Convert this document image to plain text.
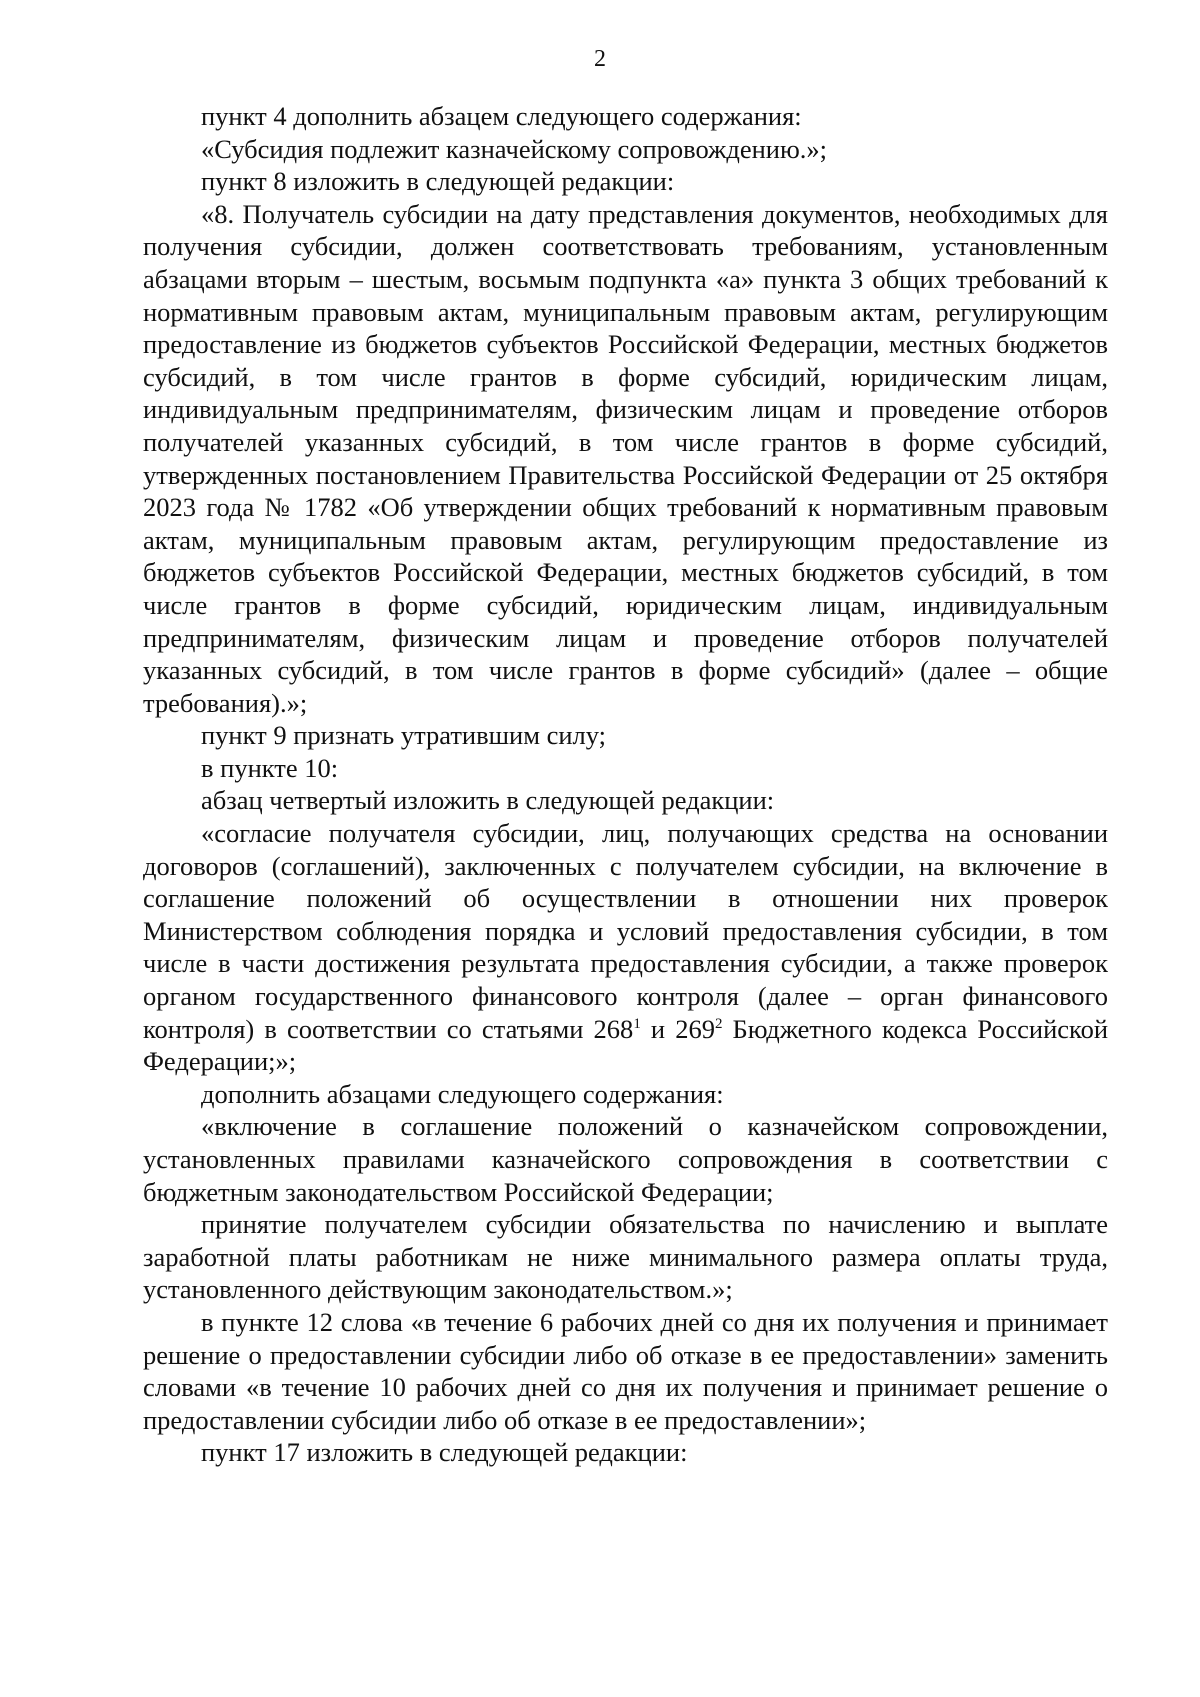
2

пункт 4 дополнить абзацем следующего содержания:

«Субсидия подлежит казначейскому сопровождению.»;

пункт 8 изложить в следующей редакции:

«8. Получатель субсидии на дату представления документов, необходимых для получения субсидии, должен соответствовать требованиям, установленным абзацами вторым – шестым, восьмым подпункта «а» пункта 3 общих требований к нормативным правовым актам, муниципальным правовым актам, регулирующим предоставление из бюджетов субъектов Российской Федерации, местных бюджетов субсидий, в том числе грантов в форме субсидий, юридическим лицам, индивидуальным предпринимателям, физическим лицам и проведение отборов получателей указанных субсидий, в том числе грантов в форме субсидий, утвержденных постановлением Правительства Российской Федерации от 25 октября 2023 года № 1782 «Об утверждении общих требований к нормативным правовым актам, муниципальным правовым актам, регулирующим предоставление из бюджетов субъектов Российской Федерации, местных бюджетов субсидий, в том числе грантов в форме субсидий, юридическим лицам, индивидуальным предпринимателям, физическим лицам и проведение отборов получателей указанных субсидий, в том числе грантов в форме субсидий» (далее – общие требования).»;

пункт 9 признать утратившим силу;

в пункте 10:

абзац четвертый изложить в следующей редакции:

«согласие получателя субсидии, лиц, получающих средства на основании договоров (соглашений), заключенных с получателем субсидии, на включение в соглашение положений об осуществлении в отношении них проверок Министерством соблюдения порядка и условий предоставления субсидии, в том числе в части достижения результата предоставления субсидии, а также проверок органом государственного финансового контроля (далее – орган финансового контроля) в соответствии со статьями $268^1$ и $269^2$ Бюджетного кодекса Российской Федерации;»;

дополнить абзацами следующего содержания:

«включение в соглашение положений о казначейском сопровождении, установленных правилами казначейского сопровождения в соответствии с бюджетным законодательством Российской Федерации;

принятие получателем субсидии обязательства по начислению и выплате заработной платы работникам не ниже минимального размера оплаты труда, установленного действующим законодательством.»;

в пункте 12 слова «в течение 6 рабочих дней со дня их получения и принимает решение о предоставлении субсидии либо об отказе в ее предоставлении» заменить словами «в течение 10 рабочих дней со дня их получения и принимает решение о предоставлении субсидии либо об отказе в ее предоставлении»;

пункт 17 изложить в следующей редакции:
